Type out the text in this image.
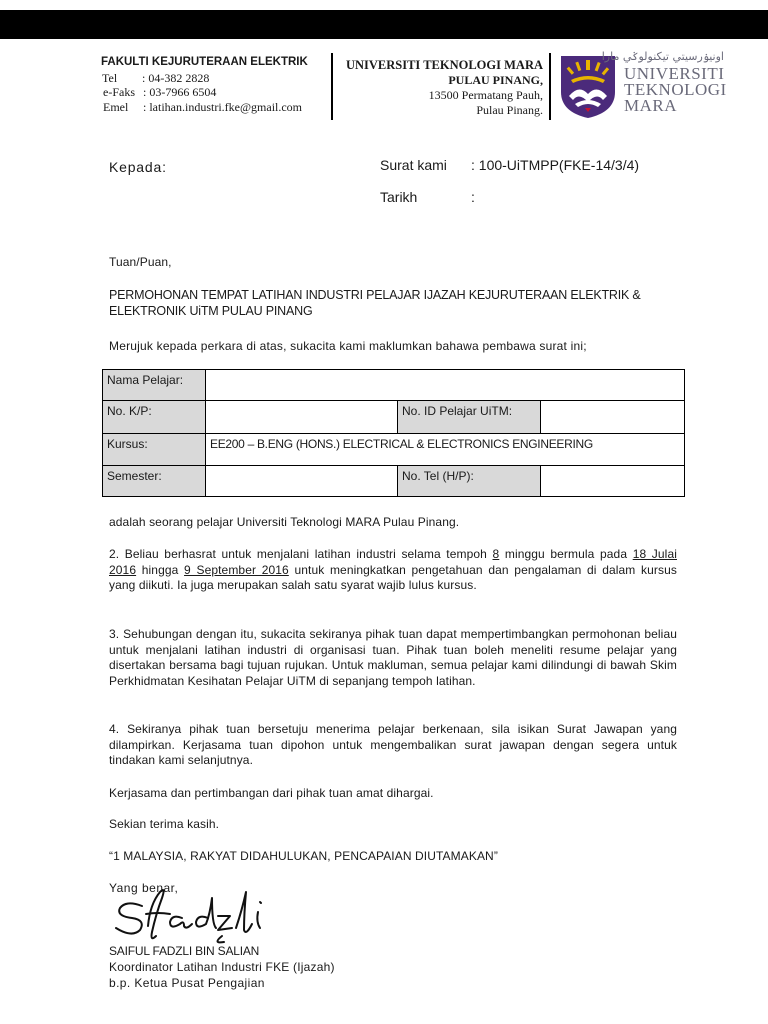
FAKULTI KEJURUTERAAN ELEKTRIK
Tel : 04-382 2828
e-Faks : 03-7966 6504
Emel : latihan.industri.fke@gmail.com
UNIVERSITI TEKNOLOGI MARA
PULAU PINANG,
13500 Permatang Pauh,
Pulau Pinang.
اونيۏرسيتي تيكنولوݢي مارا
UNIVERSITI
TEKNOLOGI
MARA
Kepada:	Surat kami : 100-UiTMPP(FKE-14/3/4)
Tarikh	:
Tuan/Puan,
PERMOHONAN TEMPAT LATIHAN INDUSTRI PELAJAR IJAZAH KEJURUTERAAN ELEKTRIK &
ELEKTRONIK UiTM PULAU PINANG
Merujuk kepada perkara di atas, sukacita kami maklumkan bahawa pembawa surat ini;
Nama Pelajar:			
No. K/P:		No. ID Pelajar UiTM:	
Kursus:	EE200 – B.ENG (HONS.) ELECTRICAL & ELECTRONICS ENGINEERING		
Semester:		No. Tel (H/P):	
adalah seorang pelajar Universiti Teknologi MARA Pulau Pinang.
2. Beliau berhasrat untuk menjalani latihan industri selama tempoh 8 minggu bermula pada 18 Julai 2016 hingga 9 September 2016 untuk meningkatkan pengetahuan dan pengalaman di dalam kursus yang diikuti. Ia juga merupakan salah satu syarat wajib lulus kursus.
3. Sehubungan dengan itu, sukacita sekiranya pihak tuan dapat mempertimbangkan permohonan beliau untuk menjalani latihan industri di organisasi tuan. Pihak tuan boleh meneliti resume pelajar yang disertakan bersama bagi tujuan rujukan. Untuk makluman, semua pelajar kami dilindungi di bawah Skim Perkhidmatan Kesihatan Pelajar UiTM di sepanjang tempoh latihan.
4. Sekiranya pihak tuan bersetuju menerima pelajar berkenaan, sila isikan Surat Jawapan yang dilampirkan. Kerjasama tuan dipohon untuk mengembalikan surat jawapan dengan segera untuk tindakan kami selanjutnya.
Kerjasama dan pertimbangan dari pihak tuan amat dihargai.
Sekian terima kasih.
“1 MALAYSIA, RAKYAT DIDAHULUKAN, PENCAPAIAN DIUTAMAKAN”
Yang benar,
SAIFUL FADZLI BIN SALIAN
Koordinator Latihan Industri FKE (Ijazah)
b.p. Ketua Pusat Pengajian
